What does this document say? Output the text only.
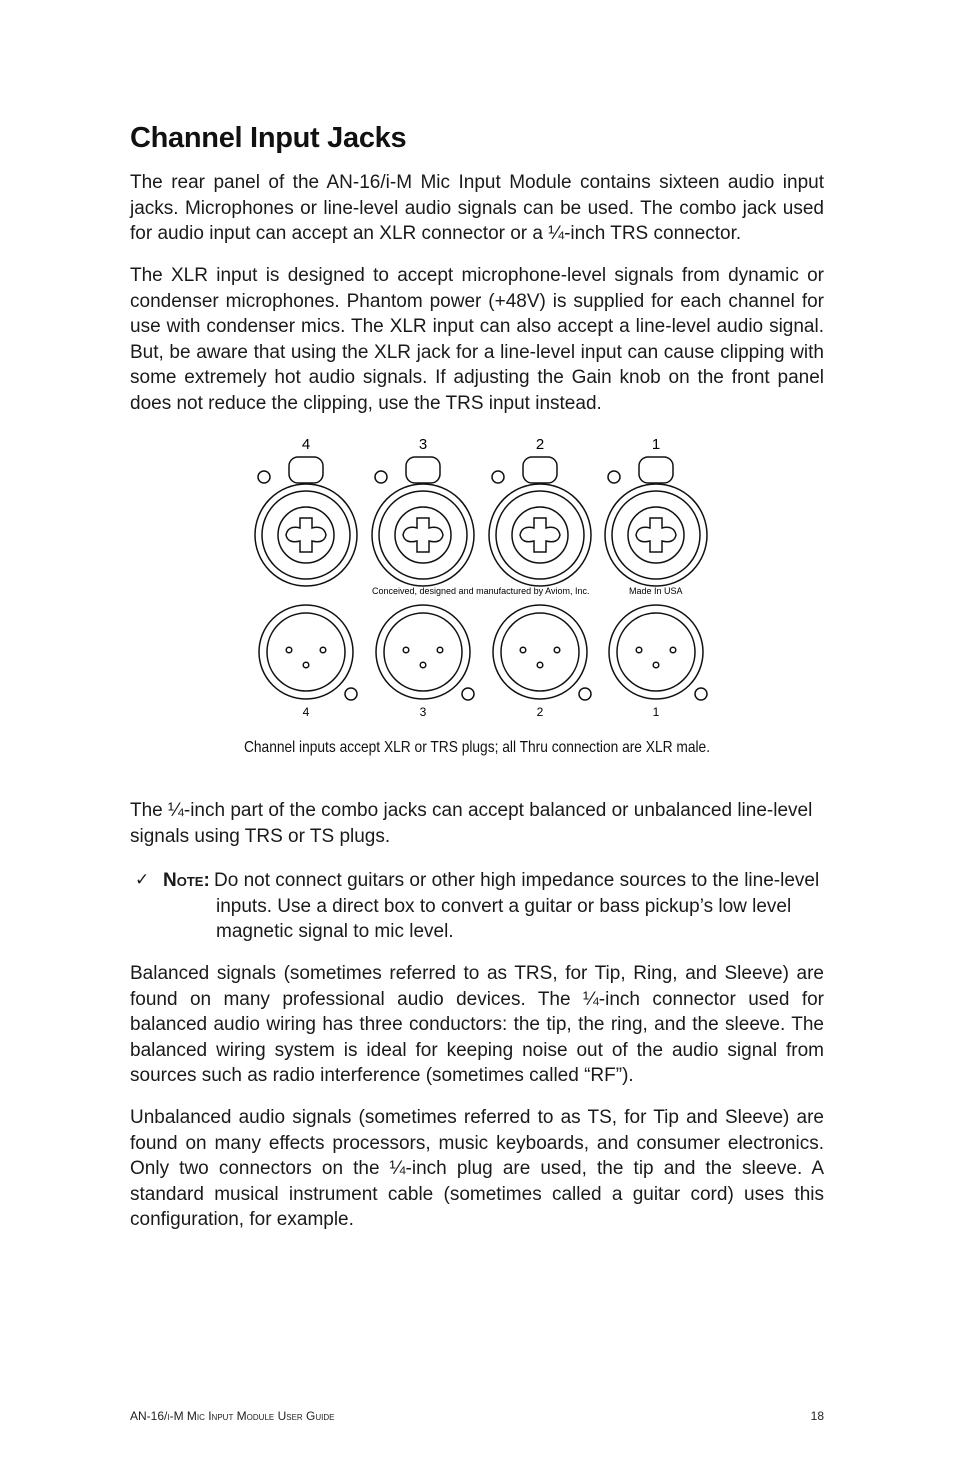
Channel Input Jacks

The rear panel of the AN-16/i-M Mic Input Module contains sixteen audio input jacks. Microphones or line-level audio signals can be used. The combo jack used for audio input can accept an XLR connector or a ¼-inch TRS connector.

The XLR input is designed to accept microphone-level signals from dynamic or condenser microphones. Phantom power (+48V) is supplied for each channel for use with condenser mics. The XLR input can also accept a line-level audio signal. But, be aware that using the XLR jack for a line-level input can cause clipping with some extremely hot audio signals. If adjusting the Gain knob on the front panel does not reduce the clipping, use the TRS input instead.

4	3	2	1
Conceived, designed and manufactured by Aviom, Inc.	Made In USA
4	3	2	1

Channel inputs accept XLR or TRS plugs; all Thru connection are XLR male.

The ¼-inch part of the combo jacks can accept balanced or unbalanced line-level signals using TRS or TS plugs.

✓ Note: Do not connect guitars or other high impedance sources to the line-level inputs. Use a direct box to convert a guitar or bass pickup’s low level magnetic signal to mic level.

Balanced signals (sometimes referred to as TRS, for Tip, Ring, and Sleeve) are found on many professional audio devices. The ¼-inch connector used for balanced audio wiring has three conductors: the tip, the ring, and the sleeve. The balanced wiring system is ideal for keeping noise out of the audio signal from sources such as radio interference (sometimes called “RF”).

Unbalanced audio signals (sometimes referred to as TS, for Tip and Sleeve) are found on many effects processors, music keyboards, and consumer electronics. Only two connectors on the ¼-inch plug are used, the tip and the sleeve. A standard musical instrument cable (sometimes called a guitar cord) uses this configuration, for example.

AN-16/i-M Mic Input Module User Guide	18
